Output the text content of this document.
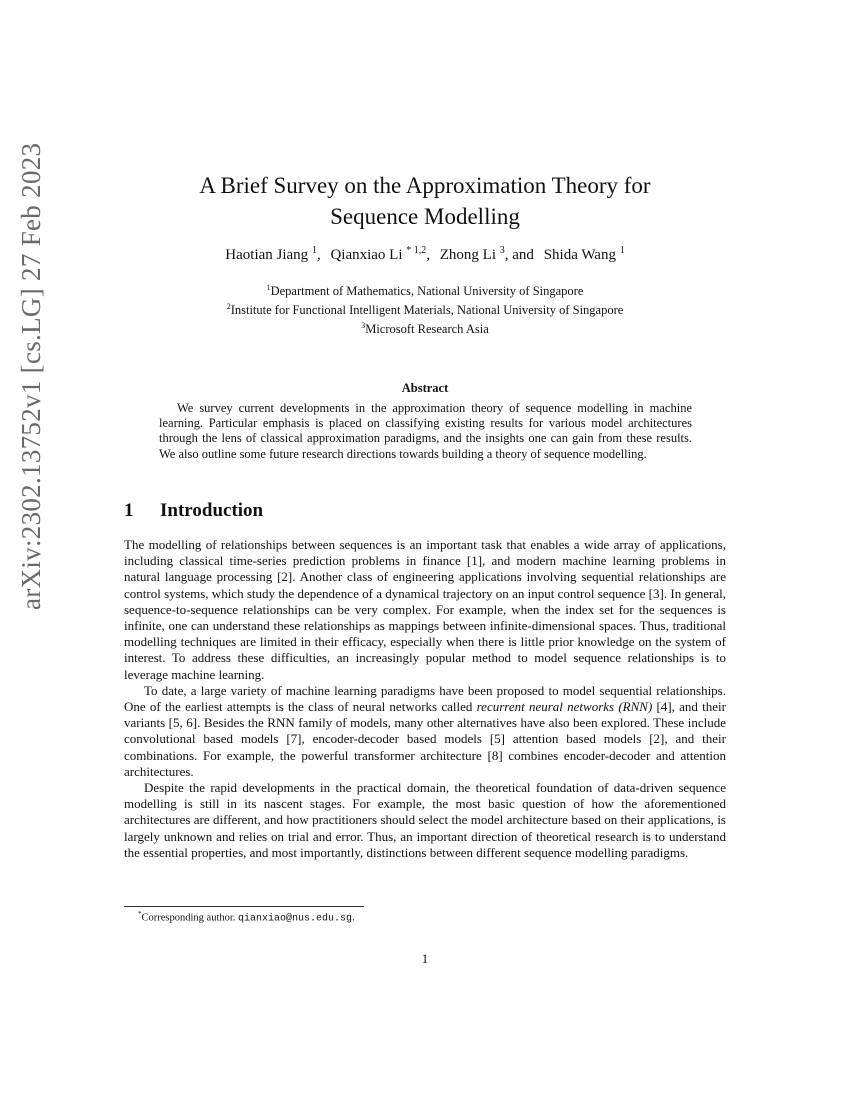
arXiv:2302.13752v1 [cs.LG] 27 Feb 2023	A Brief Survey on the Approximation Theory for
Sequence Modelling
Haotian Jiang $^1$, Qianxiao Li $^{* 1,2}$, Zhong Li $^3$, and Shida Wang $^1$
$^1$Department of Mathematics, National University of Singapore
$^2$Institute for Functional Intelligent Materials, National University of Singapore
$^3$Microsoft Research Asia
Abstract
We survey current developments in the approximation theory of sequence modelling in machine learning. Particular emphasis is placed on classifying existing results for various model architectures through the lens of classical approximation paradigms, and the insights one can gain from these results. We also outline some future research directions towards building a theory of sequence modelling.
1 Introduction

The modelling of relationships between sequences is an important task that enables a wide array of applications, including classical time-series prediction problems in finance [1], and modern machine learning problems in natural language processing [2]. Another class of engineering applications involving sequential relationships are control systems, which study the dependence of a dynamical trajectory on an input control sequence [3]. In general, sequence-to-sequence relationships can be very complex. For example, when the index set for the sequences is infinite, one can understand these relationships as mappings between infinite-dimensional spaces. Thus, traditional modelling techniques are limited in their efficacy, especially when there is little prior knowledge on the system of interest. To address these difficulties, an increasingly popular method to model sequence relationships is to leverage machine learning.

To date, a large variety of machine learning paradigms have been proposed to model sequential relationships. One of the earliest attempts is the class of neural networks called recurrent neural networks (RNN) [4], and their variants [5, 6]. Besides the RNN family of models, many other alternatives have also been explored. These include convolutional based models [7], encoder-decoder based models [5] attention based models [2], and their combinations. For example, the powerful transformer architecture [8] combines encoder-decoder and attention architectures.

Despite the rapid developments in the practical domain, the theoretical foundation of data-driven sequence modelling is still in its nascent stages. For example, the most basic question of how the aforementioned architectures are different, and how practitioners should select the model architecture based on their applications, is largely unknown and relies on trial and error. Thus, an important direction of theoretical research is to understand the essential properties, and most importantly, distinctions between different sequence modelling paradigms.

*Corresponding author. qianxiao@nus.edu.sg.
1
